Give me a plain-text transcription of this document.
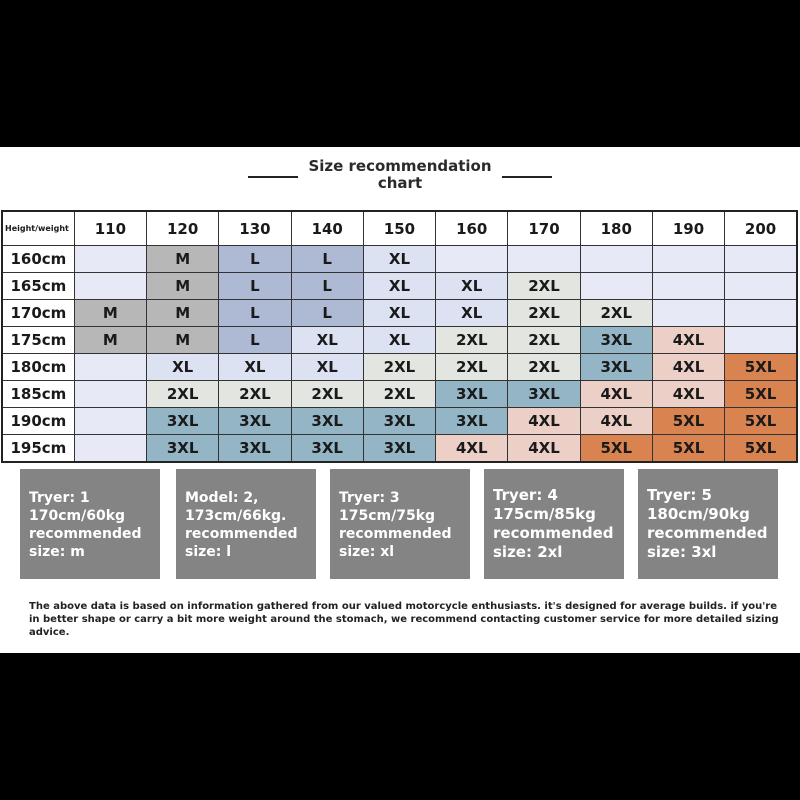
Size recommendation chart
Height/weight	110	120	130	140	150	160	170	180	190	200
160cm		M	L	L	XL					
165cm		M	L	L	XL	XL	2XL			
170cm	M	M	L	L	XL	XL	2XL	2XL		
175cm	M	M	L	XL	XL	2XL	2XL	3XL	4XL	
180cm		XL	XL	XL	2XL	2XL	2XL	3XL	4XL	5XL
185cm		2XL	2XL	2XL	2XL	3XL	3XL	4XL	4XL	5XL
190cm		3XL	3XL	3XL	3XL	3XL	4XL	4XL	5XL	5XL
195cm		3XL	3XL	3XL	3XL	4XL	4XL	5XL	5XL	5XL
Tryer: 1
170cm/60kg
recommended
size: m
Model: 2,
173cm/66kg.
recommended
size: l
Tryer: 3
175cm/75kg
recommended
size: xl
Tryer: 4
175cm/85kg
recommended
size: 2xl
Tryer: 5
180cm/90kg
recommended
size: 3xl
The above data is based on information gathered from our valued motorcycle enthusiasts. it's designed for average builds. if you're in better shape or carry a bit more weight around the stomach, we recommend contacting customer service for more detailed sizing advice.
